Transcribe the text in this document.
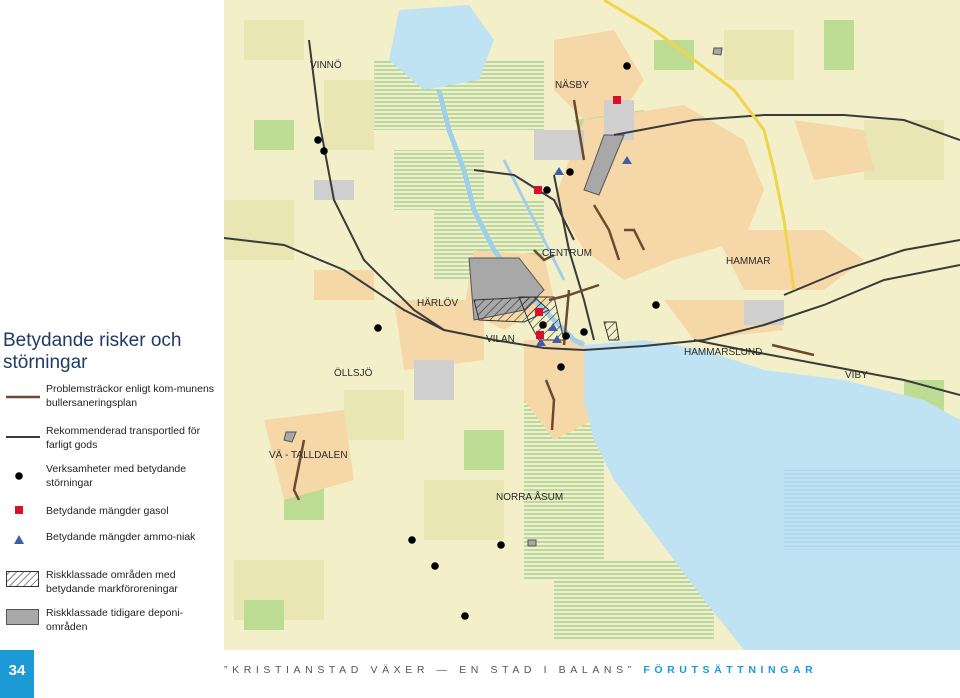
Betydande risker och störningar
Problemsträckor enligt kom-munens bullersaneringsplan
Rekommenderad transportled för farligt gods
Verksamheter med betydande störningar
Betydande mängder gasol
Betydande mängder ammo-niak
Riskklassade områden med betydande markföroreningar
Riskklassade tidigare deponi-områden
VINNÖ
NÄSBY
CENTRUM
HAMMAR
HÄRLÖV
VILAN
HAMMARSLUND
ÖLLSJÖ	VIBY
VÄ - TALLDALEN
NORRA ÅSUM
34	”KRISTIANSTAD VÄXER — EN STAD I BALANS” FÖRUTSÄTTNINGAR
